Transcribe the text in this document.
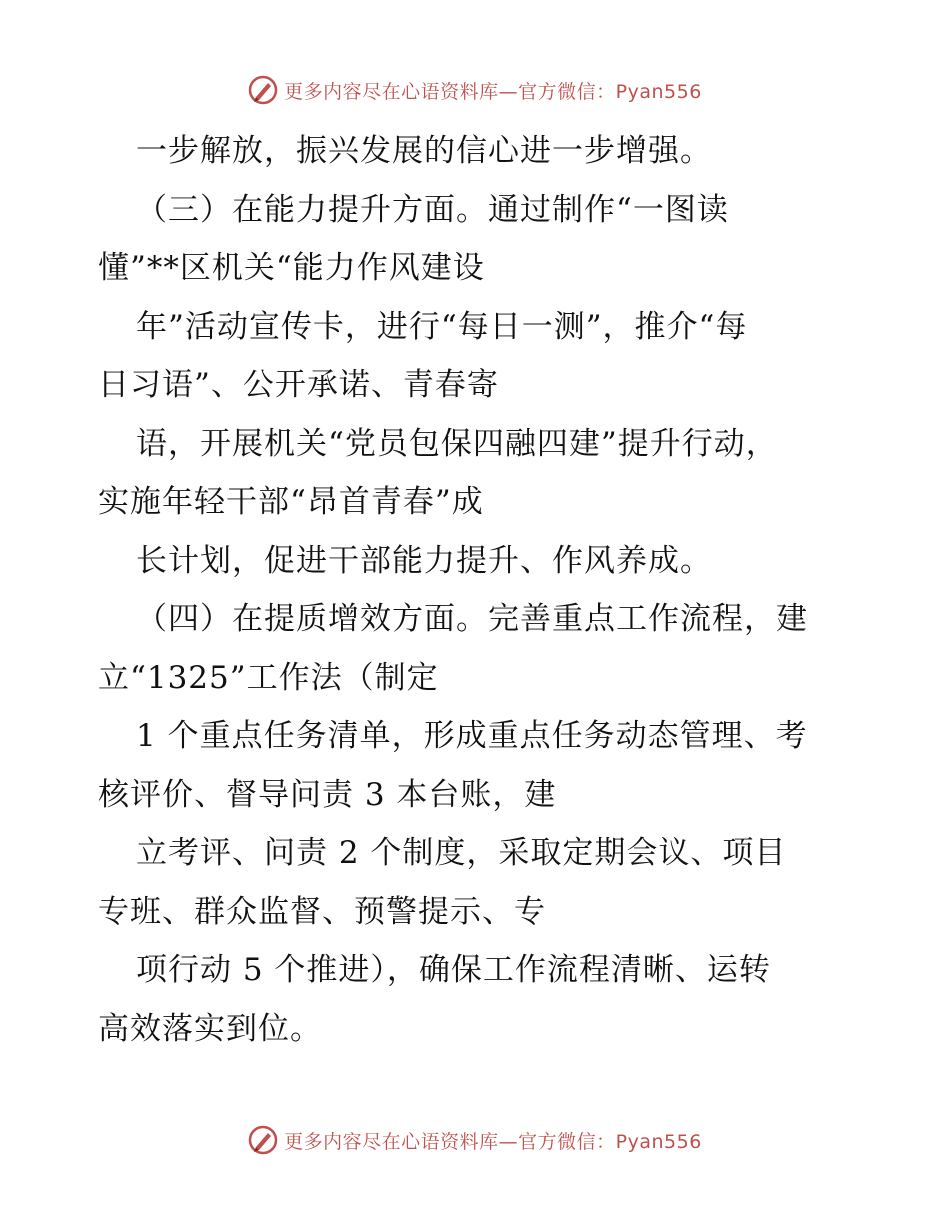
更多内容尽在心语资料库—官方微信：Pyan556
一步解放，振兴发展的信心进一步增强。
（三）在能力提升方面。通过制作“一图读
懂”**区机关“能力作风建设
年”活动宣传卡，进行“每日一测”，推介“每
日习语”、公开承诺、青春寄
语，开展机关“党员包保四融四建”提升行动，
实施年轻干部“昂首青春”成
长计划，促进干部能力提升、作风养成。
（四）在提质增效方面。完善重点工作流程，建
立“1325”工作法（制定
1 个重点任务清单，形成重点任务动态管理、考
核评价、督导问责 3 本台账，建
立考评、问责 2 个制度，采取定期会议、项目
专班、群众监督、预警提示、专
项行动 5 个推进），确保工作流程清晰、运转
高效落实到位。
更多内容尽在心语资料库—官方微信：Pyan556
